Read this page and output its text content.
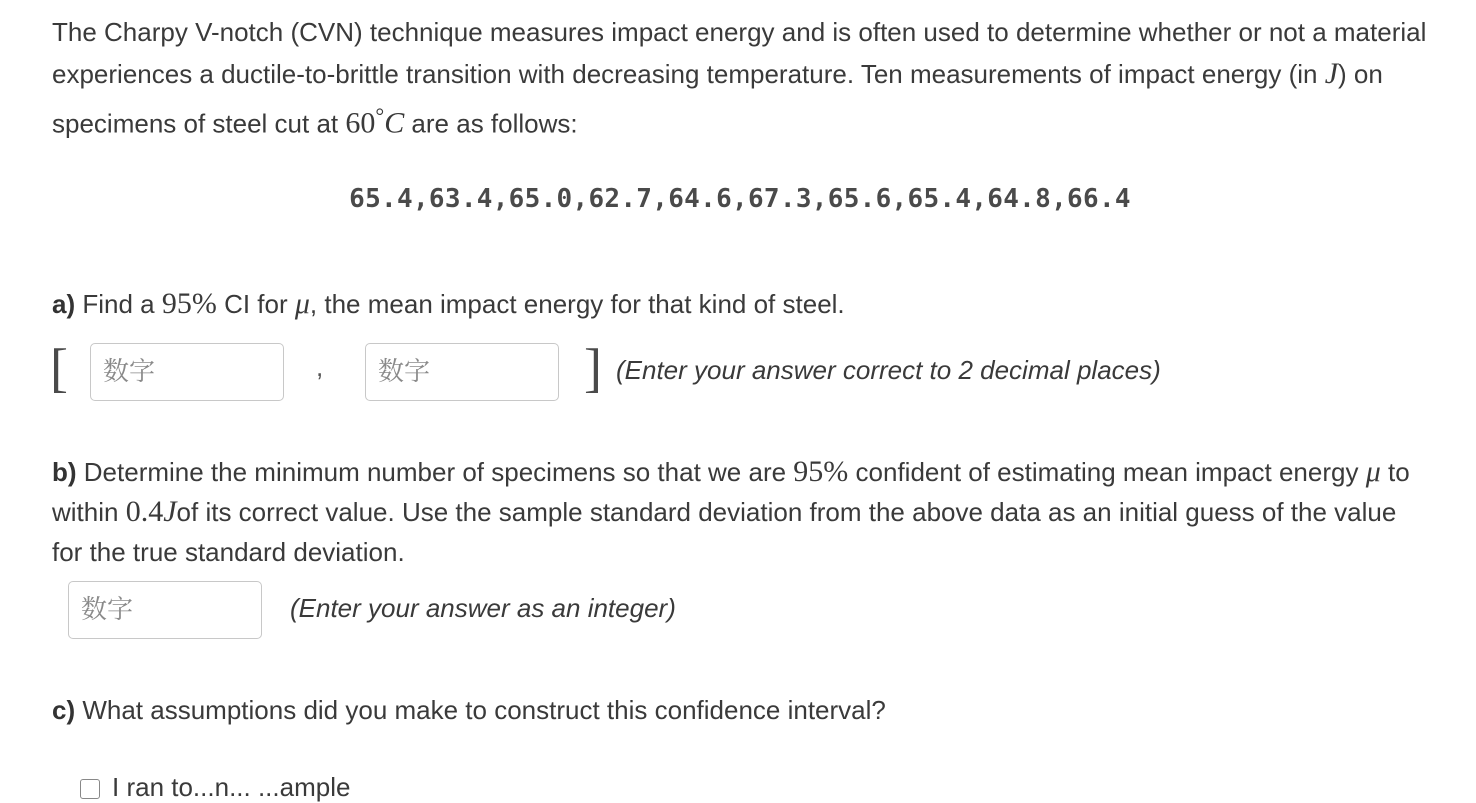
The Charpy V-notch (CVN) technique measures impact energy and is often used to determine whether or not a material experiences a ductile-to-brittle transition with decreasing temperature. Ten measurements of impact energy (in J) on specimens of steel cut at 60°C are as follows:

65.4,63.4,65.0,62.7,64.6,67.3,65.6,65.4,64.8,66.4

a) Find a 95% CI for μ, the mean impact energy for that kind of steel.

[
数字	,
数字	] (Enter your answer correct to 2 decimal places)

b) Determine the minimum number of specimens so that we are 95% confident of estimating mean impact energy μ to within 0.4Jof its correct value. Use the sample standard deviation from the above data as an initial guess of the value for the true standard deviation.

数字
(Enter your answer as an integer)

c) What assumptions did you make to construct this confidence interval?

I ran to...n... ...ample
